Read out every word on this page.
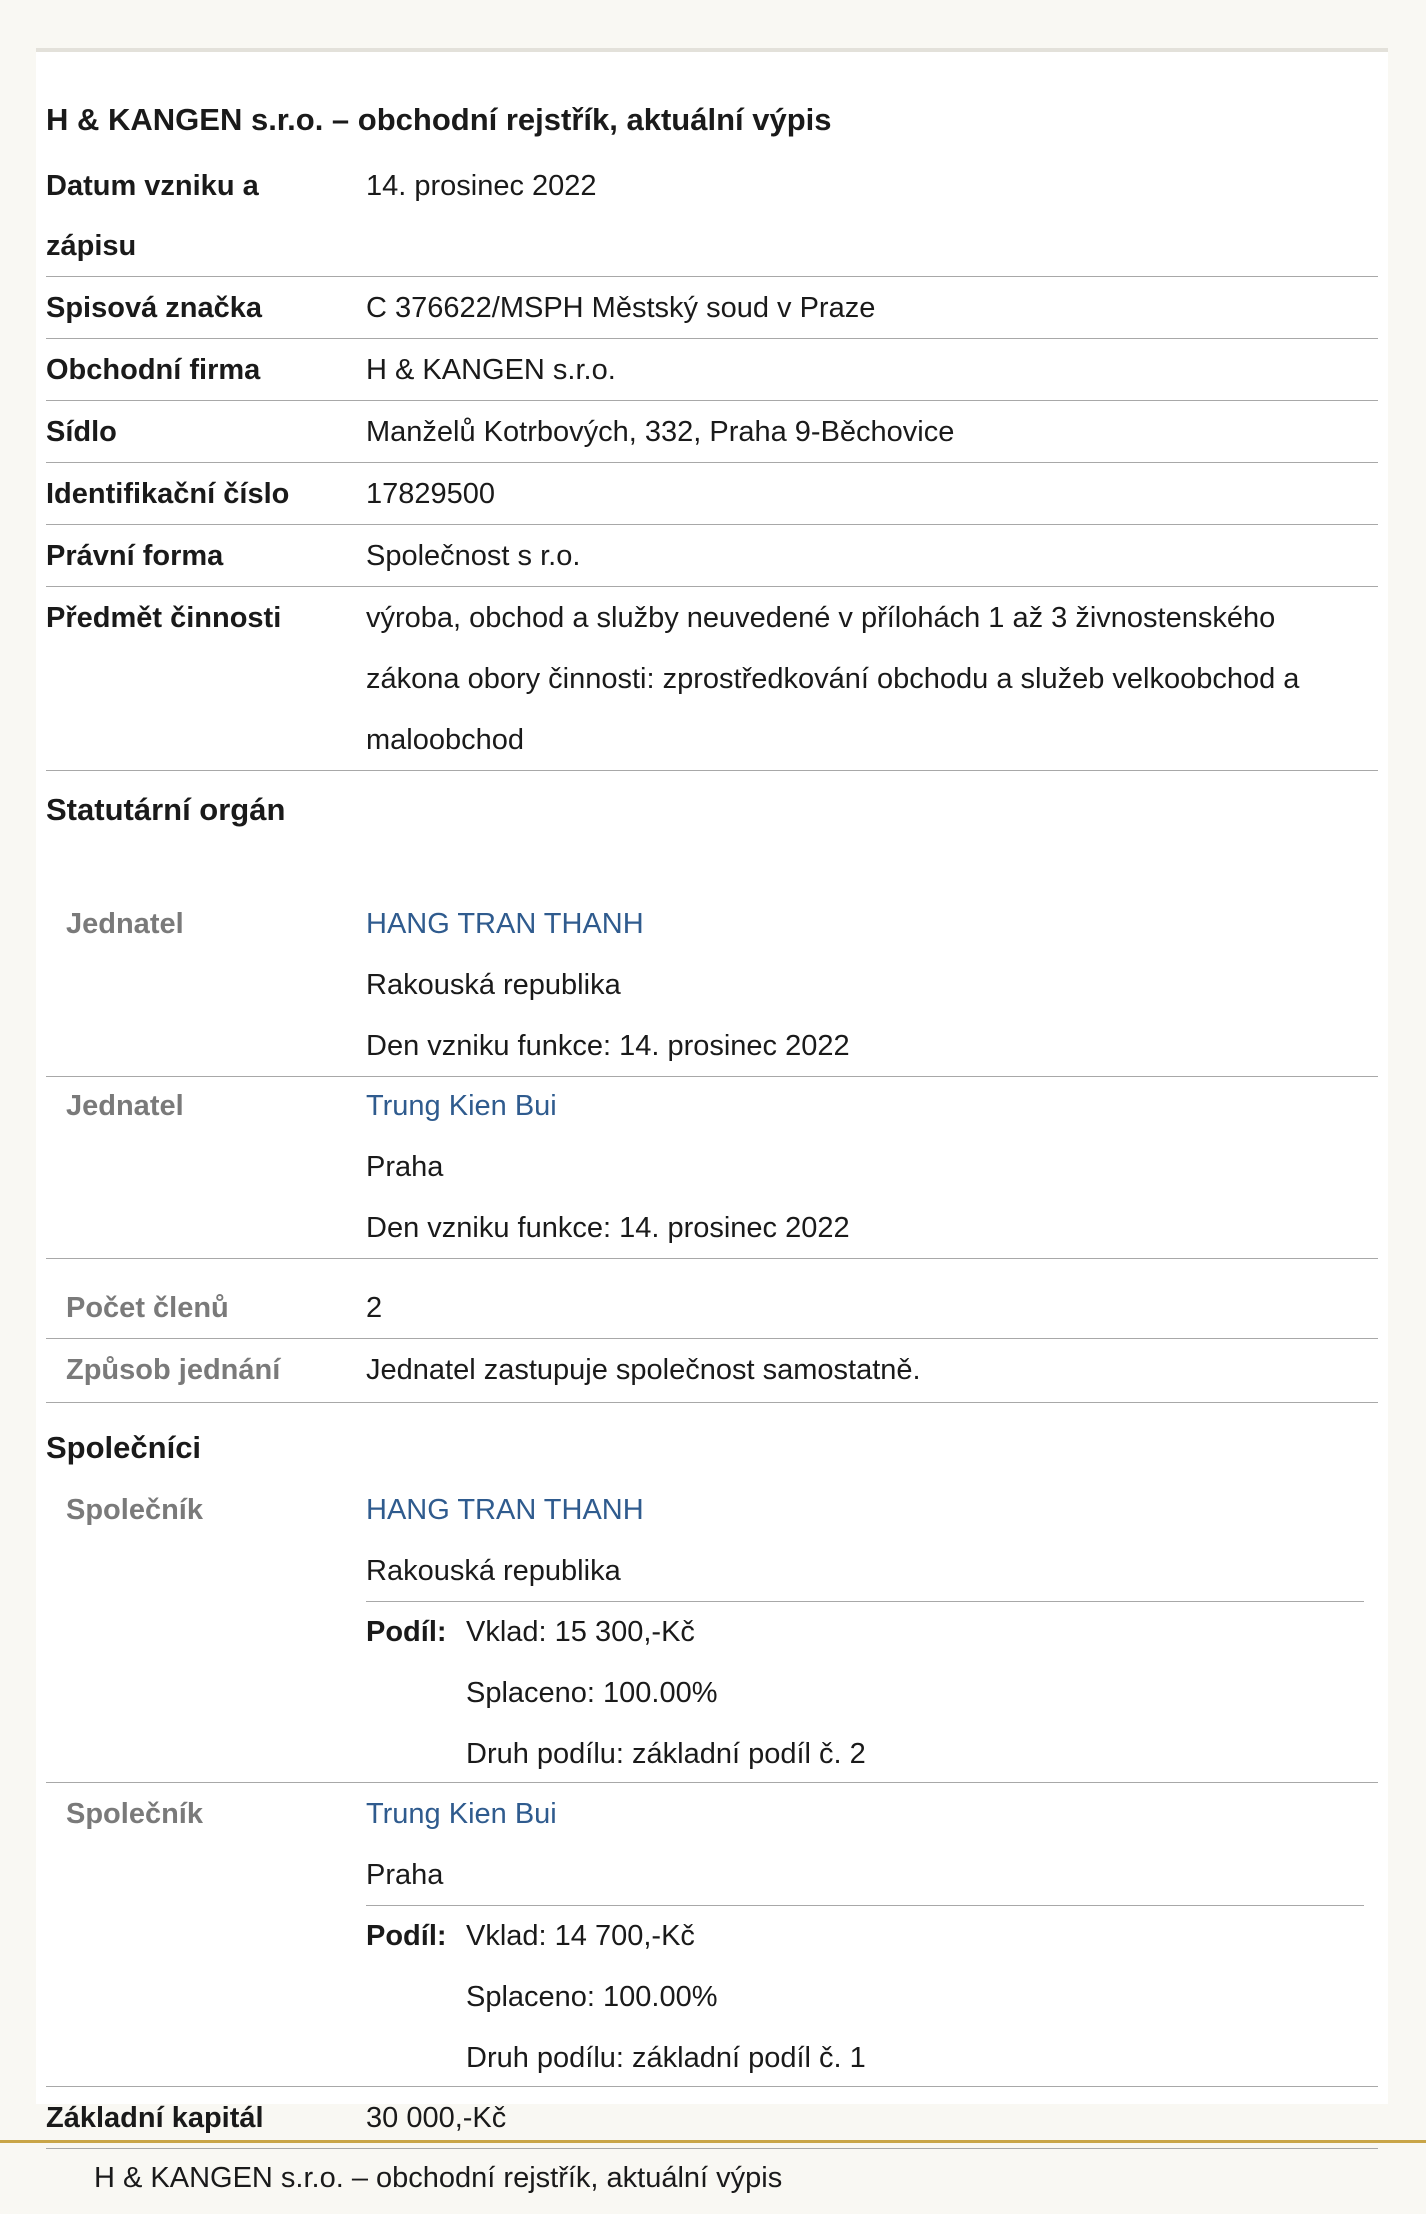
H & KANGEN s.r.o. – obchodní rejstřík, aktuální výpis
Datum vzniku a
zápisu
14. prosinec 2022
Spisová značka	C 376622/MSPH Městský soud v Praze
Obchodní firma	H & KANGEN s.r.o.
Sídlo	Manželů Kotrbových, 332, Praha 9-Běchovice
Identifikační číslo	17829500
Právní forma	Společnost s r.o.
Předmět činnosti	výroba, obchod a služby neuvedené v přílohách 1 až 3 živnostenského
zákona obory činnosti: zprostředkování obchodu a služeb velkoobchod a
maloobchod
Statutární orgán
Jednatel	HANG TRAN THANH
Rakouská republika
Den vzniku funkce: 14. prosinec 2022
Jednatel	Trung Kien Bui
Praha
Den vzniku funkce: 14. prosinec 2022
Počet členů	2
Způsob jednání	Jednatel zastupuje společnost samostatně.
Společníci
Společník	HANG TRAN THANH
Rakouská republika
Podíl: Vklad: 15 300,-Kč
Splaceno: 100.00%
Druh podílu: základní podíl č. 2
Společník	Trung Kien Bui
Praha
Podíl: Vklad: 14 700,-Kč
Splaceno: 100.00%
Druh podílu: základní podíl č. 1
Základní kapitál	30 000,-Kč
H & KANGEN s.r.o. – obchodní rejstřík, aktuální výpis
